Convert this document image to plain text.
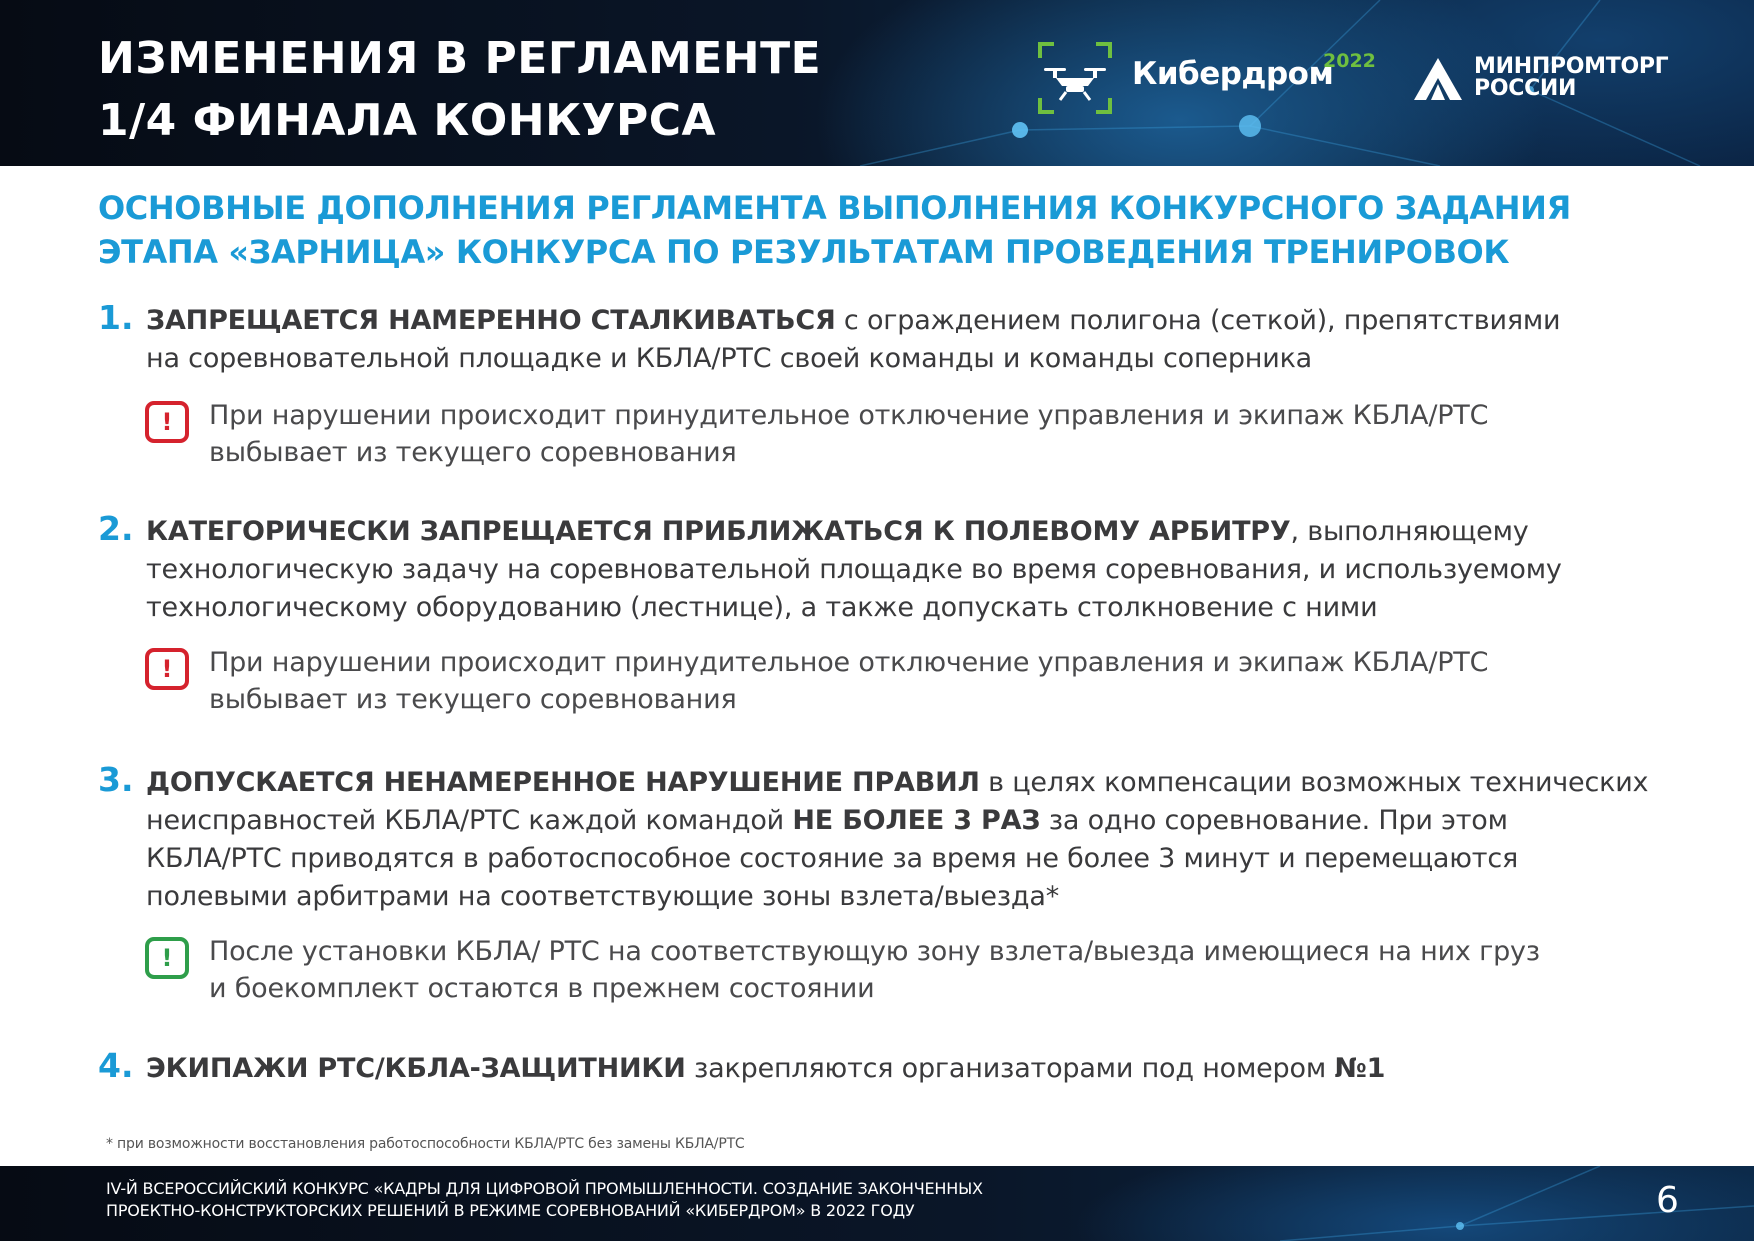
ИЗМЕНЕНИЯ В РЕГЛАМЕНТЕ
1/4 ФИНАЛА КОНКУРСА
Кибердром
2022	МИНПРОМТОРГ
РОССИИ
ОСНОВНЫЕ ДОПОЛНЕНИЯ РЕГЛАМЕНТА ВЫПОЛНЕНИЯ КОНКУРСНОГО ЗАДАНИЯ
ЭТАПА «ЗАРНИЦА» КОНКУРСА ПО РЕЗУЛЬТАТАМ ПРОВЕДЕНИЯ ТРЕНИРОВОК
1. ЗАПРЕЩАЕТСЯ НАМЕРЕННО СТАЛКИВАТЬСЯ с ограждением полигона (сеткой), препятствиями
на соревновательной площадке и КБЛА/РТС своей команды и команды соперника
!	При нарушении происходит принудительное отключение управления и экипаж КБЛА/РТС
выбывает из текущего соревнования
2. КАТЕГОРИЧЕСКИ ЗАПРЕЩАЕТСЯ ПРИБЛИЖАТЬСЯ К ПОЛЕВОМУ АРБИТРУ, выполняющему
технологическую задачу на соревновательной площадке во время соревнования, и используемому
технологическому оборудованию (лестнице), а также допускать столкновение с ними
!	При нарушении происходит принудительное отключение управления и экипаж КБЛА/РТС
выбывает из текущего соревнования
3. ДОПУСКАЕТСЯ НЕНАМЕРЕННОЕ НАРУШЕНИЕ ПРАВИЛ в целях компенсации возможных технических
неисправностей КБЛА/РТС каждой командой НЕ БОЛЕЕ 3 РАЗ за одно соревнование. При этом
КБЛА/РТС приводятся в работоспособное состояние за время не более 3 минут и перемещаются
полевыми арбитрами на соответствующие зоны взлета/выезда*
!	После установки КБЛА/ РТС на соответствующую зону взлета/выезда имеющиеся на них груз
и боекомплект остаются в прежнем состоянии
4. ЭКИПАЖИ РТС/КБЛА-ЗАЩИТНИКИ закрепляются организаторами под номером №1
* при возможности восстановления работоспособности КБЛА/РТС без замены КБЛА/РТС
IV-Й ВСЕРОССИЙСКИЙ КОНКУРС «КАДРЫ ДЛЯ ЦИФРОВОЙ ПРОМЫШЛЕННОСТИ. СОЗДАНИЕ ЗАКОНЧЕННЫХ
ПРОЕКТНО-КОНСТРУКТОРСКИХ РЕШЕНИЙ В РЕЖИМЕ СОРЕВНОВАНИЙ «КИБЕРДРОМ» В 2022 ГОДУ	6
